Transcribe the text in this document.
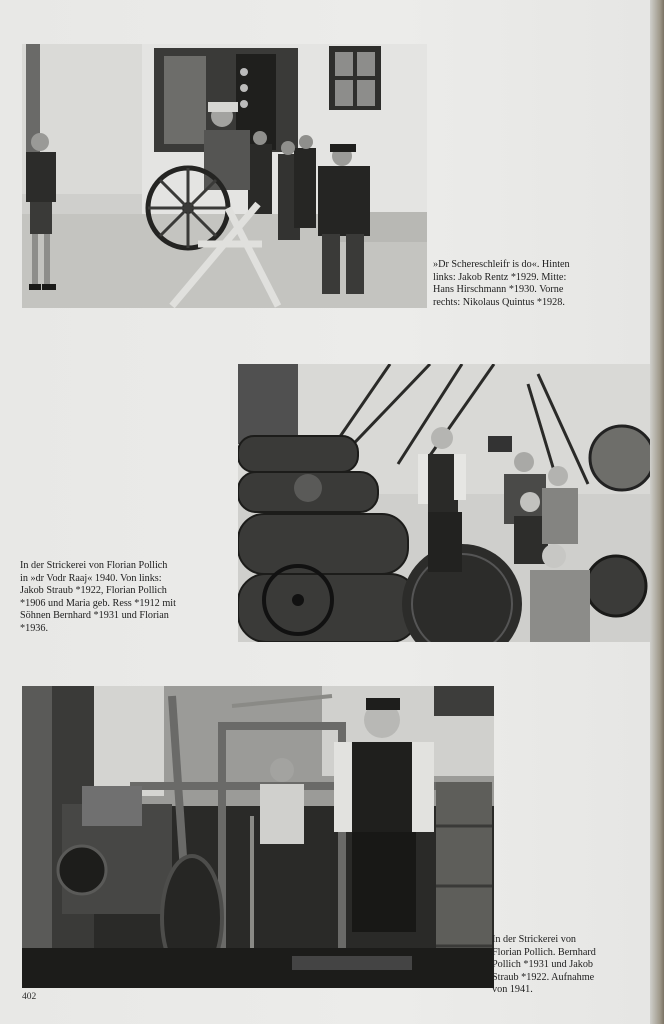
»Dr Schereschleifr is do«. Hinten
links: Jakob Rentz *1929. Mitte:
Hans Hirschmann *1930. Vorne
rechts: Nikolaus Quintus *1928.

In der Strickerei von Florian Pollich
in »dr Vodr Raaj« 1940. Von links:
Jakob Straub *1922, Florian Pollich
*1906 und Maria geb. Ress *1912 mit
Söhnen Bernhard *1931 und Florian
*1936.

In der Strickerei von
Florian Pollich. Bernhard
Pollich *1931 und Jakob
Straub *1922. Aufnahme
von 1941.

402
